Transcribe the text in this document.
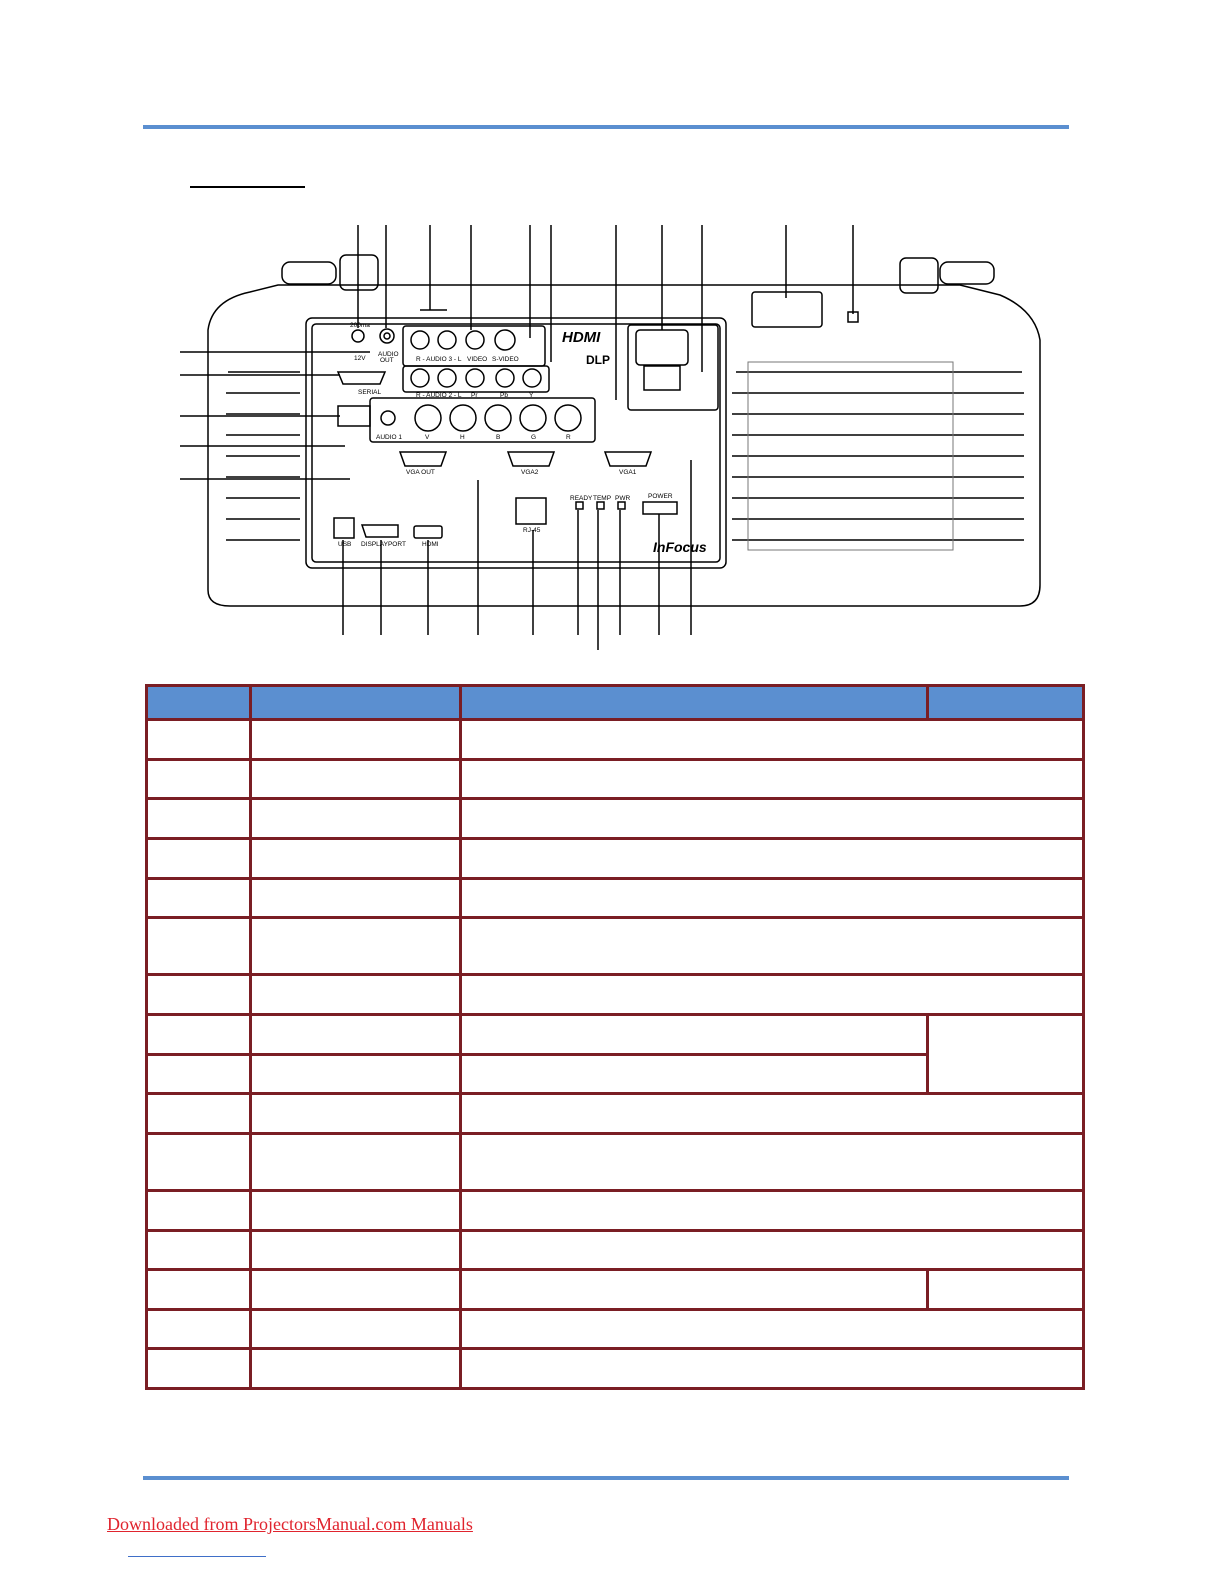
200ma
12V
AUDIO
OUT	R - AUDIO 3 - L VIDEO S-VIDEO
SERIAL	R - AUDIO 2 - L Pr	Pb	Y
AUDIO 1	V	H	B	G	R
VGA OUT	VGA2	VGA1
READY TEMP PWR	POWER
RJ-45
USB DISPLAYPORT HDMI
HDMI
DLP
InFocus

Downloaded from ProjectorsManual.com Manuals
